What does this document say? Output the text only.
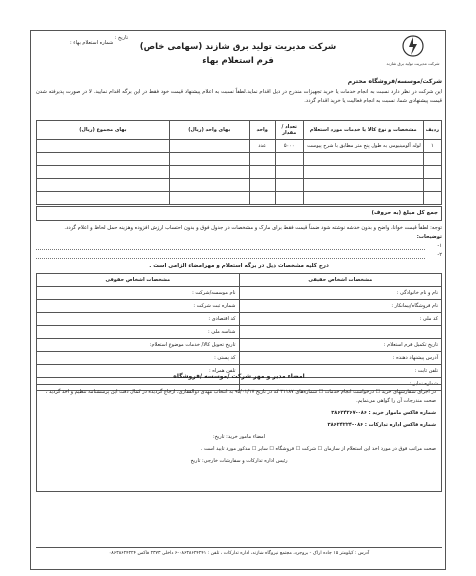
شرکت مدیریت تولید برق شازند
شرکت مدیریت تولید برق شازند (سهامی خاص)
فرم استعلام بهاء
تاریخ :
شماره استعلام بهاء :
شرکت/موسسه/فروشگاه محترم
این شرکت در نظر دارد نسبت به انجام خدمات یا خرید تجهیزات مندرج در ذیل اقدام نماید.لطفاً نسبت به اعلام پیشنهاد قیمت خود فقط در این برگه اقدام نمایید. لا در صورت پذیرفته شدن قیمت پیشنهادی شما، نسبت به انجام فعالیت یا خرید اقدام گردد.
ردیف	مشخصات و نوع کالا یا خدمات مورد استعلام	تعداد / مقدار	واحد	بهای واحد (ریال)	بهای مجموع (ریال)
۱	لوله آلومینیومی به طول پنج متر مطابق با شرح پیوست	۵۰۰۰	عدد		

جمع کل مبلغ (به حروف)
توجه: لطفاً قیمت خوانا، واضح و بدون خدشه نوشته شود ضمناً قیمت فقط برای مارک و مشخصات در جدول فوق و بدون احتساب ارزش افزوده وهزینه حمل لحاظ و اعلام گردد.
توضیحات:
۱-
۲-
درج کلیه مشخصات ذیل در برگه استعلام و مهرامضاء الزامی است .
مشخصات اشخاص حقیقی	مشخصات اشخاص حقوقی
نام و نام خانوادگی :	نام موسسه/شرکت :
نام فروشگاه/پیمانکار :	شماره ثبت شرکت :
کد ملی :	کد اقتصادی :
	شناسه ملی :
تاریخ تکمیل فرم استعلام :	تاریخ تحویل کالا/ خدمات موضوع استعلام:
آدرس پیشنهاد دهنده :	کد پستی :
تلفن ثابت :	تلفن همراه :
شماره نمابر :	
امضاء مدیر و مهر شرکت /موسسه /فروشگاه

در اجرای سفارشهای خرید ☐ درخواست انجام خدمات ☐ شماره‌های ۳۱۱۸۷ که در تاریخ ۹۵/۰۱/۱۷ به انتخاب مهدی ذوالفقاری، ارجاع گردیده در کمال دقت این پرسشنامه تنظیم و اخذ گردید ، صحت مندرجات آن را گواهی می‌نمایم.

شماره فاکس ماموار خرید : ۰۸۶-۳۸۶۲۴۲۶۷

شماره فاکس اداره تدارکات : ۰۸۶-۳۸۶۲۴۲۲۴

امضاء مامور خرید: تاریخ:

صحت مراتب فوق در مورد اخذ این استعلام از سازمان ☐ شرکت ☐ فروشگاه ☐ سایر ☐ مذکور مورد تایید است .

رئیس اداره تدارکات و سفارشات خارجی: تاریخ

آدرس : کیلومتر ۱۵ جاده اراک - بروجرد، مجتمع نیروگاه شازند، اداره تدارکات ، تلفن : ۰۸۶۳۸۶۲۴۲۴۱-۶ داخلی ۲۳۷۳ فاکس ۰۸۶۳۸۶۲۴۲۲۴
